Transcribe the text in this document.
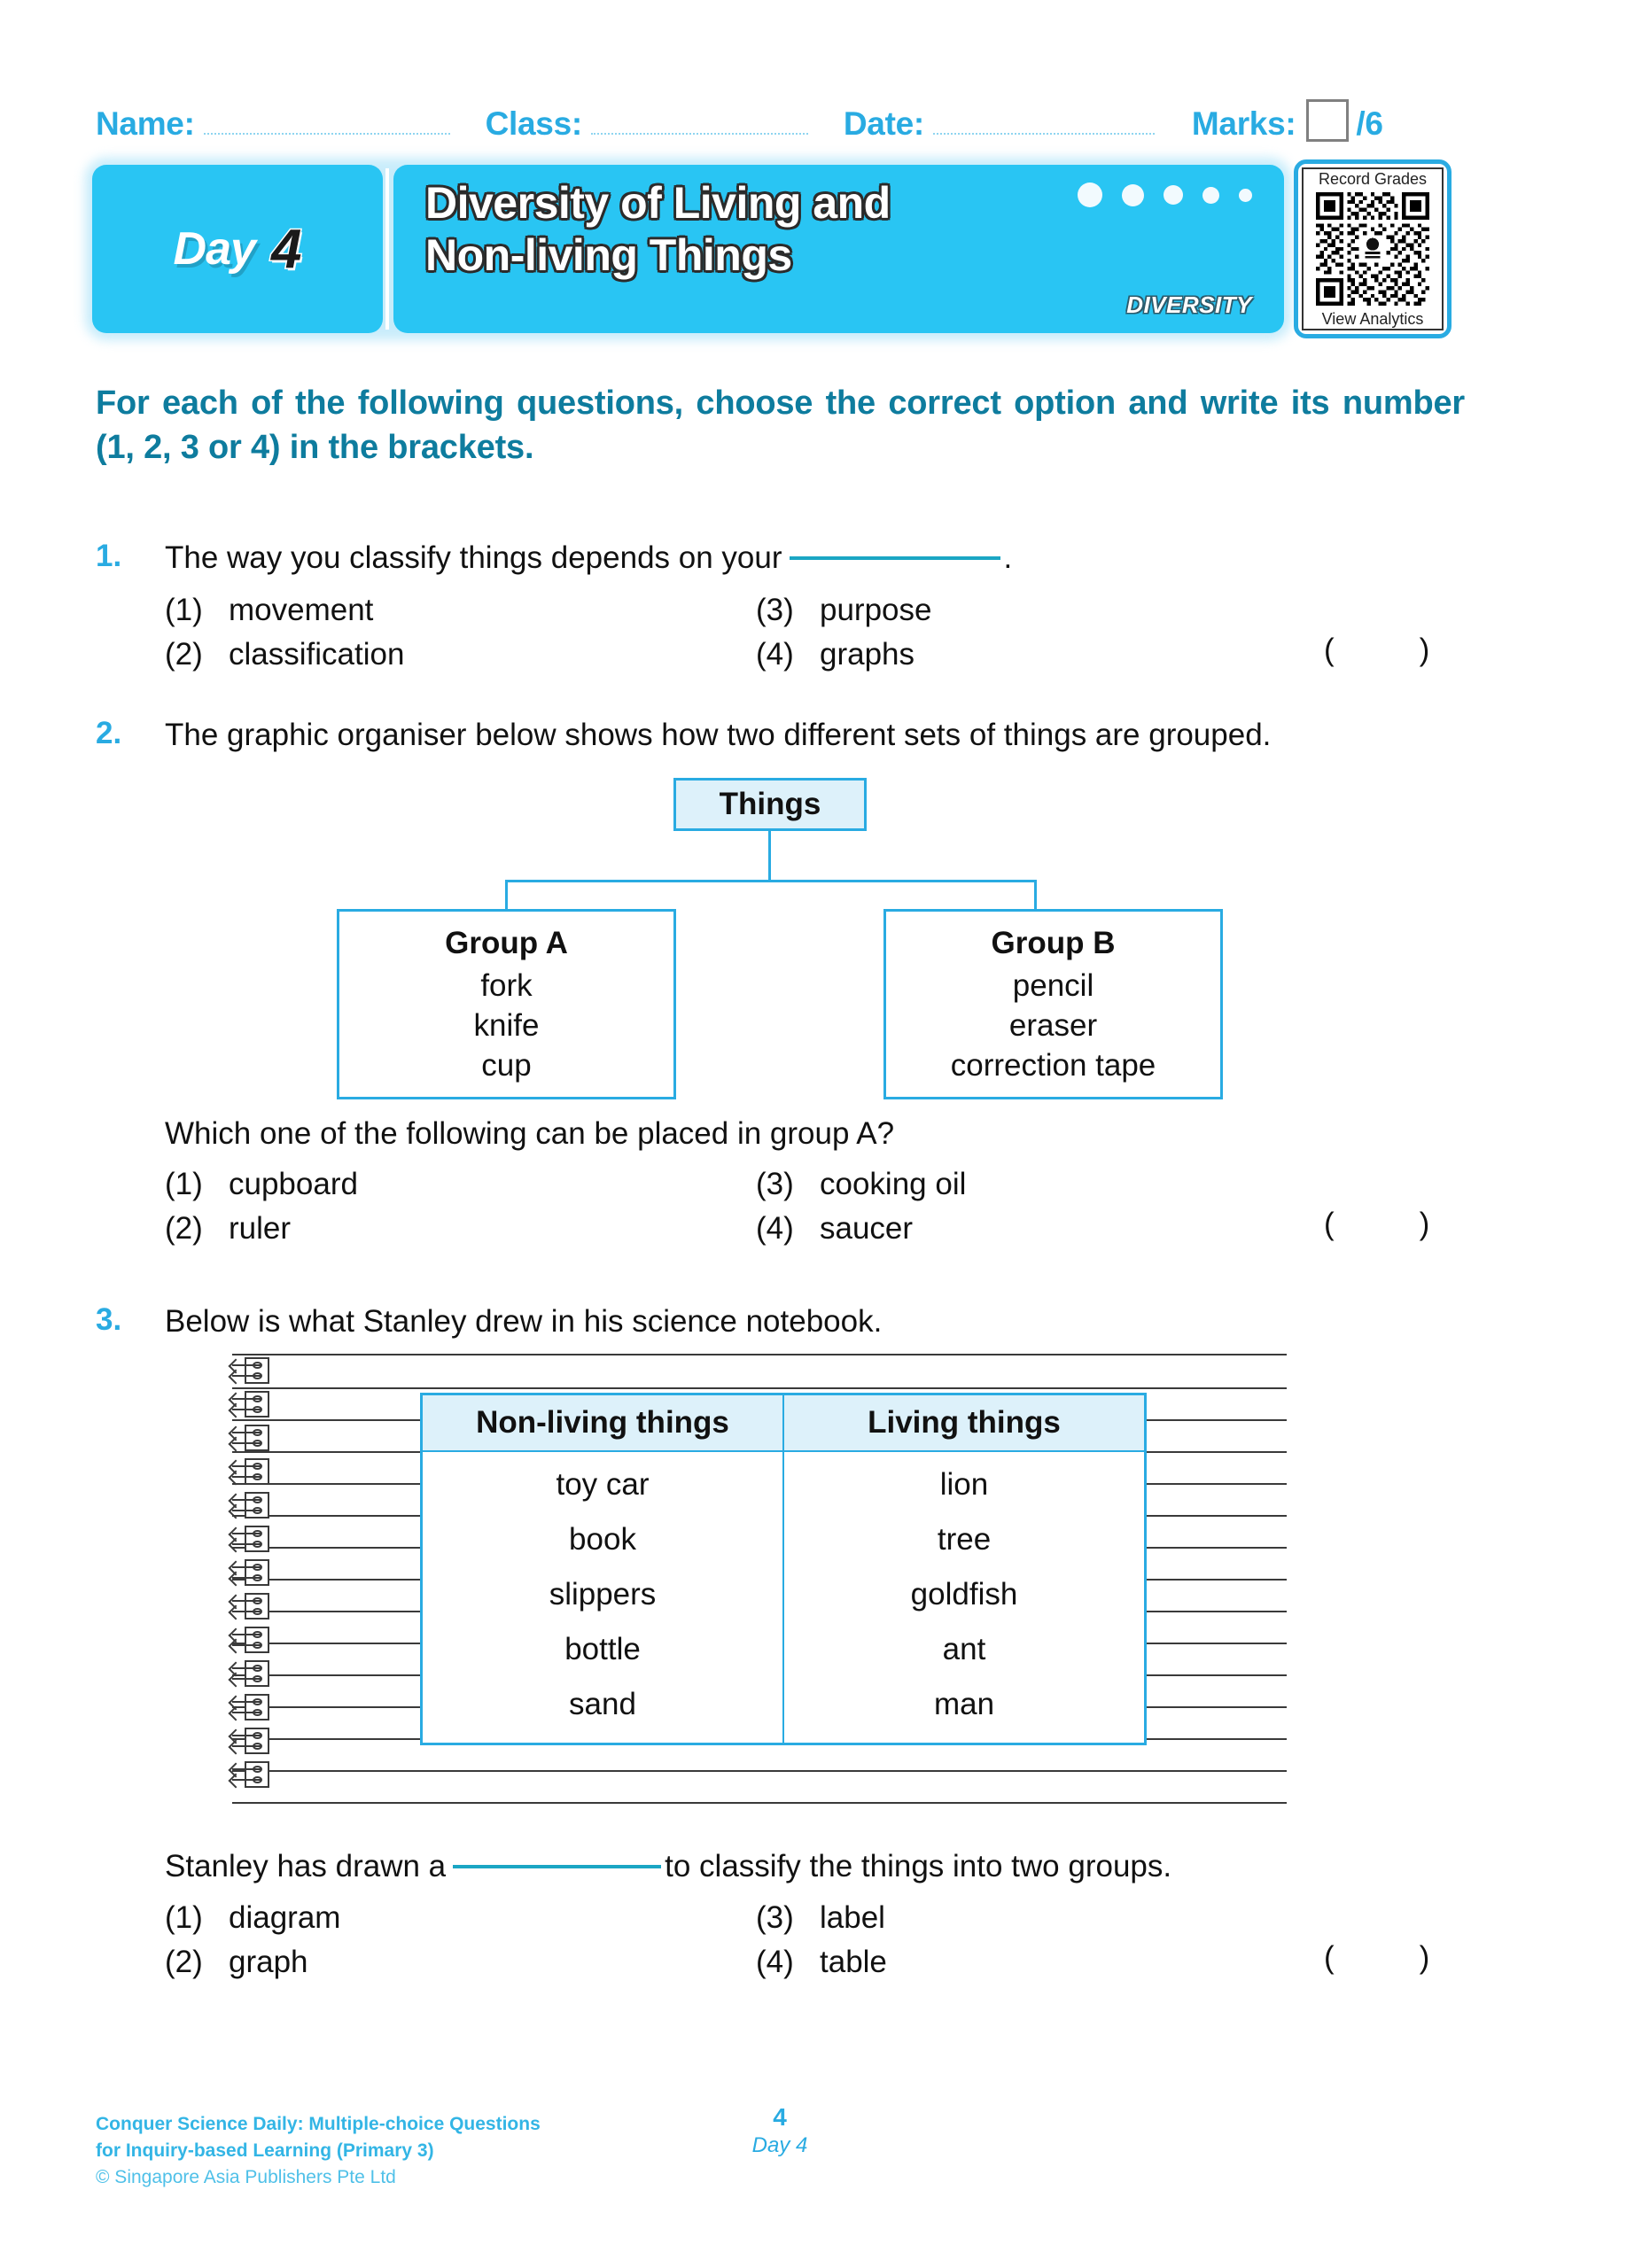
Name:	Class:	Date:	Marks: /6
Day 4
Diversity of Living and
Non-living Things
DIVERSITY
Record Grades
View Analytics
For each of the following questions, choose the correct option and write its number (1, 2, 3 or 4) in the brackets.
1. The way you classify things depends on your	.
(1) movement
(2) classification
(3) purpose
(4) graphs	(	)
2. The graphic organiser below shows how two different sets of things are grouped.
Things
Group A
fork
knife
cup
Group B
pencil
eraser
correction tape
Which one of the following can be placed in group A?
(1) cupboard
(2) ruler
(3) cooking oil
(4) saucer	(	)
3. Below is what Stanley drew in his science notebook.
Non-living things	Living things
toy car	lion
book	tree
slippers	goldfish
bottle	ant
sand	man
Stanley has drawn a	to classify the things into two groups.
(1) diagram
(2) graph
(3) label
(4) table	(	)
Conquer Science Daily: Multiple-choice Questions
for Inquiry-based Learning (Primary 3)
© Singapore Asia Publishers Pte Ltd
4
Day 4
